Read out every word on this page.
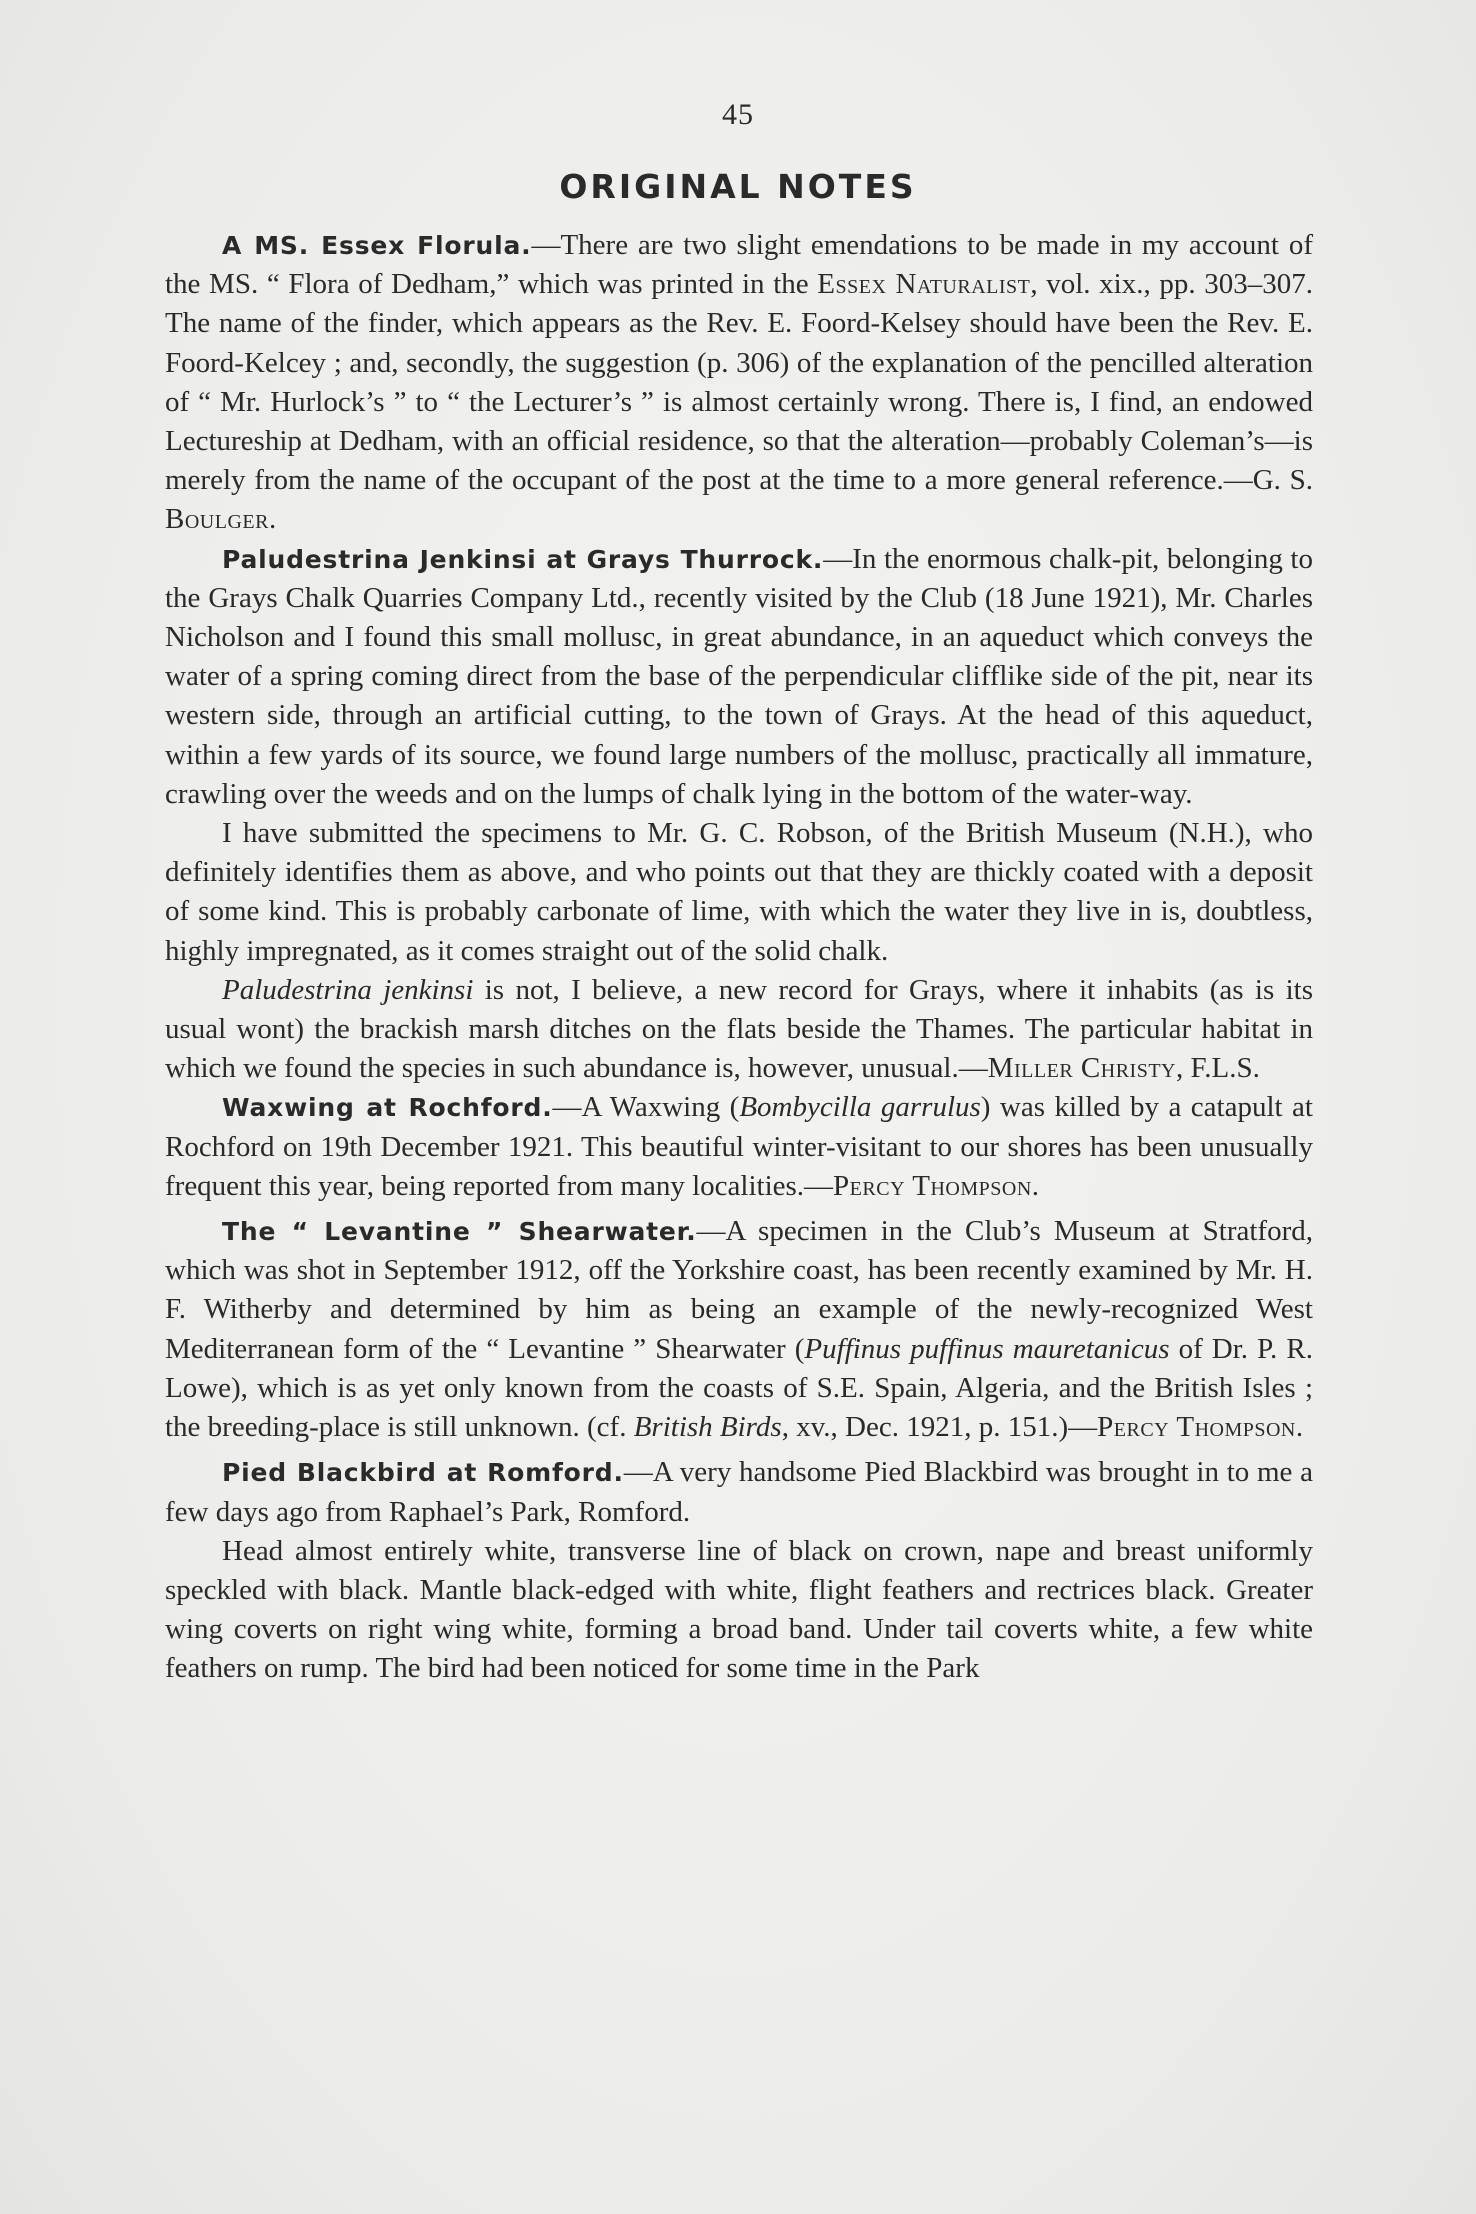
45
ORIGINAL NOTES

A MS. Essex Florula.—There are two slight emendations to be made in my account of the MS. “ Flora of Dedham,” which was printed in the Essex Naturalist, vol. xix., pp. 303–307. The name of the finder, which appears as the Rev. E. Foord-Kelsey should have been the Rev. E. Foord-Kelcey ; and, secondly, the suggestion (p. 306) of the explanation of the pencilled alteration of “ Mr. Hurlock’s ” to “ the Lecturer’s ” is almost certainly wrong. There is, I find, an endowed Lectureship at Dedham, with an official residence, so that the alteration—probably Coleman’s—is merely from the name of the occupant of the post at the time to a more general reference.—G. S. Boulger.

Paludestrina Jenkinsi at Grays Thurrock.—In the enormous chalk-pit, belonging to the Grays Chalk Quarries Company Ltd., recently visited by the Club (18 June 1921), Mr. Charles Nicholson and I found this small mollusc, in great abundance, in an aqueduct which conveys the water of a spring coming direct from the base of the perpendicular clifflike side of the pit, near its western side, through an artificial cutting, to the town of Grays. At the head of this aqueduct, within a few yards of its source, we found large numbers of the mollusc, practically all immature, crawling over the weeds and on the lumps of chalk lying in the bottom of the water-way.

I have submitted the specimens to Mr. G. C. Robson, of the British Museum (N.H.), who definitely identifies them as above, and who points out that they are thickly coated with a deposit of some kind. This is probably carbonate of lime, with which the water they live in is, doubtless, highly impregnated, as it comes straight out of the solid chalk.

Paludestrina jenkinsi is not, I believe, a new record for Grays, where it inhabits (as is its usual wont) the brackish marsh ditches on the flats beside the Thames. The particular habitat in which we found the species in such abundance is, however, unusual.—Miller Christy, F.L.S.

Waxwing at Rochford.—A Waxwing (Bombycilla garrulus) was killed by a catapult at Rochford on 19th December 1921. This beautiful winter-visitant to our shores has been unusually frequent this year, being reported from many localities.—Percy Thompson.

The “ Levantine ” Shearwater.—A specimen in the Club’s Museum at Stratford, which was shot in September 1912, off the Yorkshire coast, has been recently examined by Mr. H. F. Witherby and determined by him as being an example of the newly-recognized West Mediterranean form of the “ Levantine ” Shearwater (Puffinus puffinus mauretanicus of Dr. P. R. Lowe), which is as yet only known from the coasts of S.E. Spain, Algeria, and the British Isles ; the breeding-place is still unknown. (cf. British Birds, xv., Dec. 1921, p. 151.)—Percy Thompson.

Pied Blackbird at Romford.—A very handsome Pied Blackbird was brought in to me a few days ago from Raphael’s Park, Romford.

Head almost entirely white, transverse line of black on crown, nape and breast uniformly speckled with black. Mantle black-edged with white, flight feathers and rectrices black. Greater wing coverts on right wing white, forming a broad band. Under tail coverts white, a few white feathers on rump. The bird had been noticed for some time in the Park
